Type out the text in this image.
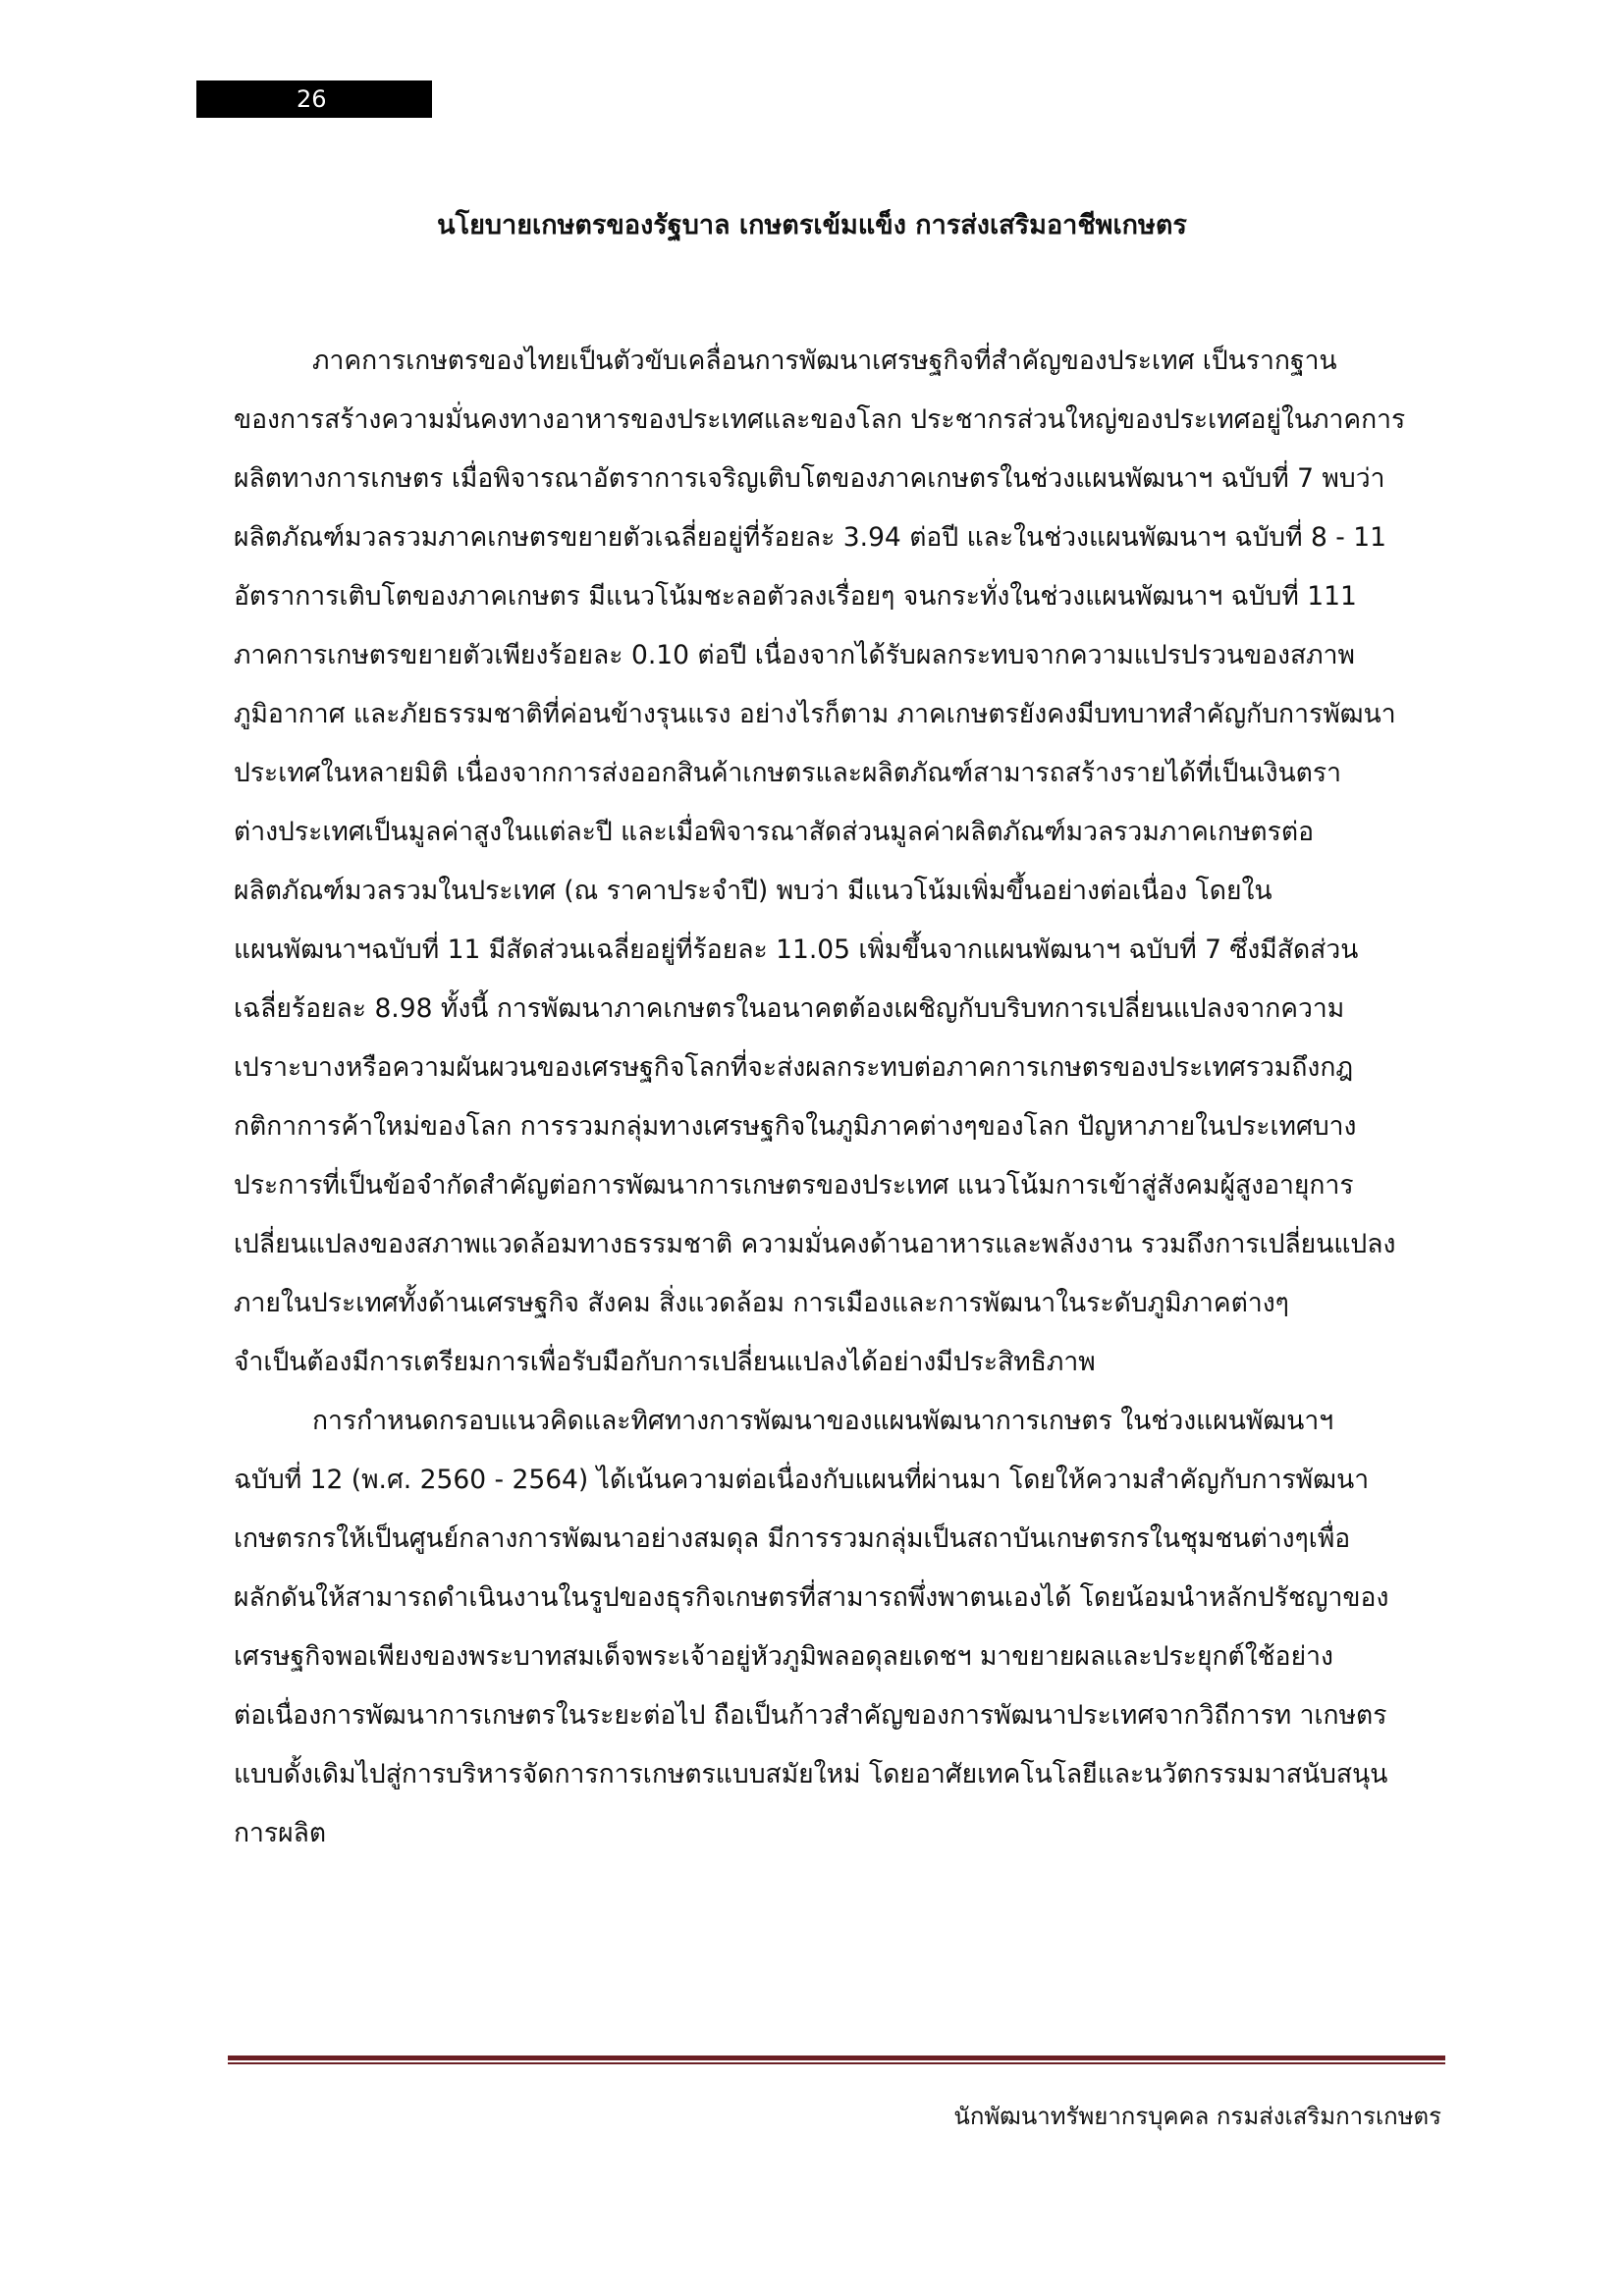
26
นโยบายเกษตรของรัฐบาล เกษตรเข้มแข็ง การส่งเสริมอาชีพเกษตร

ภาคการเกษตรของไทยเป็นตัวขับเคลื่อนการพัฒนาเศรษฐกิจที่สำคัญของประเทศ เป็นรากฐาน

ของการสร้างความมั่นคงทางอาหารของประเทศและของโลก ประชากรส่วนใหญ่ของประเทศอยู่ในภาคการ

ผลิตทางการเกษตร เมื่อพิจารณาอัตราการเจริญเติบโตของภาคเกษตรในช่วงแผนพัฒนาฯ ฉบับที่ 7 พบว่า

ผลิตภัณฑ์มวลรวมภาคเกษตรขยายตัวเฉลี่ยอยู่ที่ร้อยละ 3.94 ต่อปี และในช่วงแผนพัฒนาฯ ฉบับที่ 8 - 11

อัตราการเติบโตของภาคเกษตร มีแนวโน้มชะลอตัวลงเรื่อยๆ จนกระทั่งในช่วงแผนพัฒนาฯ ฉบับที่ 111

ภาคการเกษตรขยายตัวเพียงร้อยละ 0.10 ต่อปี เนื่องจากได้รับผลกระทบจากความแปรปรวนของสภาพ

ภูมิอากาศ และภัยธรรมชาติที่ค่อนข้างรุนแรง อย่างไรก็ตาม ภาคเกษตรยังคงมีบทบาทสำคัญกับการพัฒนา

ประเทศในหลายมิติ เนื่องจากการส่งออกสินค้าเกษตรและผลิตภัณฑ์สามารถสร้างรายได้ที่เป็นเงินตรา

ต่างประเทศเป็นมูลค่าสูงในแต่ละปี และเมื่อพิจารณาสัดส่วนมูลค่าผลิตภัณฑ์มวลรวมภาคเกษตรต่อ

ผลิตภัณฑ์มวลรวมในประเทศ (ณ ราคาประจำปี) พบว่า มีแนวโน้มเพิ่มขึ้นอย่างต่อเนื่อง โดยใน

แผนพัฒนาฯฉบับที่ 11 มีสัดส่วนเฉลี่ยอยู่ที่ร้อยละ 11.05 เพิ่มขึ้นจากแผนพัฒนาฯ ฉบับที่ 7 ซึ่งมีสัดส่วน

เฉลี่ยร้อยละ 8.98 ทั้งนี้ การพัฒนาภาคเกษตรในอนาคตต้องเผชิญกับบริบทการเปลี่ยนแปลงจากความ

เปราะบางหรือความผันผวนของเศรษฐกิจโลกที่จะส่งผลกระทบต่อภาคการเกษตรของประเทศรวมถึงกฎ

กติกาการค้าใหม่ของโลก การรวมกลุ่มทางเศรษฐกิจในภูมิภาคต่างๆของโลก ปัญหาภายในประเทศบาง

ประการที่เป็นข้อจำกัดสำคัญต่อการพัฒนาการเกษตรของประเทศ แนวโน้มการเข้าสู่สังคมผู้สูงอายุการ

เปลี่ยนแปลงของสภาพแวดล้อมทางธรรมชาติ ความมั่นคงด้านอาหารและพลังงาน รวมถึงการเปลี่ยนแปลง

ภายในประเทศทั้งด้านเศรษฐกิจ สังคม สิ่งแวดล้อม การเมืองและการพัฒนาในระดับภูมิภาคต่างๆ

จำเป็นต้องมีการเตรียมการเพื่อรับมือกับการเปลี่ยนแปลงได้อย่างมีประสิทธิภาพ

การกำหนดกรอบแนวคิดและทิศทางการพัฒนาของแผนพัฒนาการเกษตร ในช่วงแผนพัฒนาฯ

ฉบับที่ 12 (พ.ศ. 2560 - 2564) ได้เน้นความต่อเนื่องกับแผนที่ผ่านมา โดยให้ความสำคัญกับการพัฒนา

เกษตรกรให้เป็นศูนย์กลางการพัฒนาอย่างสมดุล มีการรวมกลุ่มเป็นสถาบันเกษตรกรในชุมชนต่างๆเพื่อ

ผลักดันให้สามารถดำเนินงานในรูปของธุรกิจเกษตรที่สามารถพึ่งพาตนเองได้ โดยน้อมนำหลักปรัชญาของ

เศรษฐกิจพอเพียงของพระบาทสมเด็จพระเจ้าอยู่หัวภูมิพลอดุลยเดชฯ มาขยายผลและประยุกต์ใช้อย่าง

ต่อเนื่องการพัฒนาการเกษตรในระยะต่อไป ถือเป็นก้าวสำคัญของการพัฒนาประเทศจากวิถีการท าเกษตร

แบบดั้งเดิมไปสู่การบริหารจัดการการเกษตรแบบสมัยใหม่ โดยอาศัยเทคโนโลยีและนวัตกรรมมาสนับสนุน

การผลิต

นักพัฒนาทรัพยากรบุคคล กรมส่งเสริมการเกษตร
